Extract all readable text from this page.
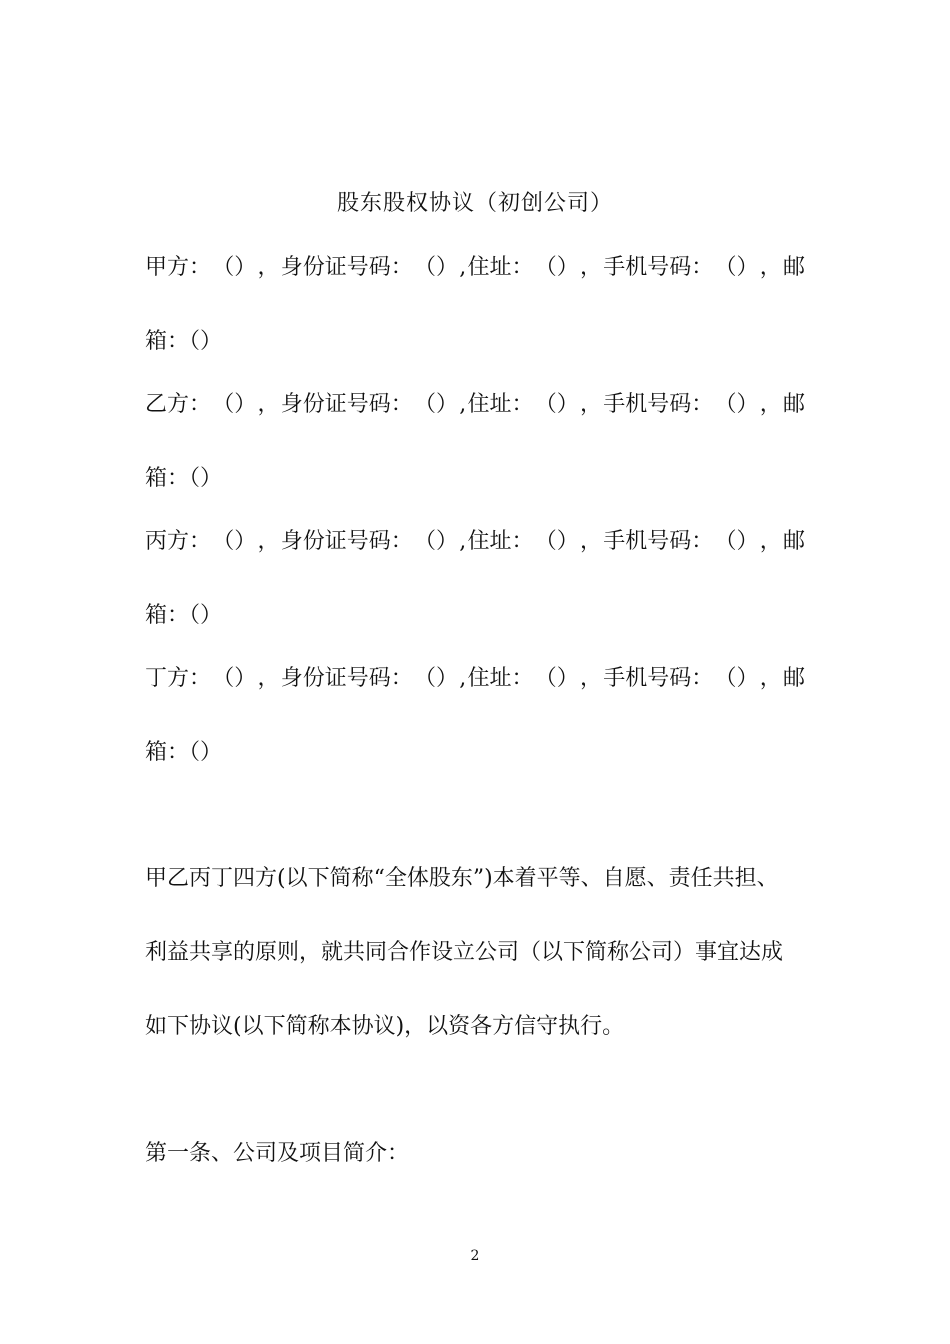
股东股权协议（初创公司）
甲方： （） ， 身份证号码： （） , 住址： （） ， 手机号码： （） ， 邮
箱：（）
乙方： （） ， 身份证号码： （） , 住址： （） ， 手机号码： （） ， 邮
箱：（）
丙方： （） ， 身份证号码： （） , 住址： （） ， 手机号码： （） ， 邮
箱：（）
丁方： （） ， 身份证号码： （） , 住址： （） ， 手机号码： （） ， 邮
箱：（）
甲乙丙丁四方(以下简称“全体股东”)本着平等、自愿、责任共担、
利益共享的原则，就共同合作设立公司（以下简称公司）事宜达成
如下协议(以下简称本协议)，以资各方信守执行。
第一条、公司及项目简介：
2
